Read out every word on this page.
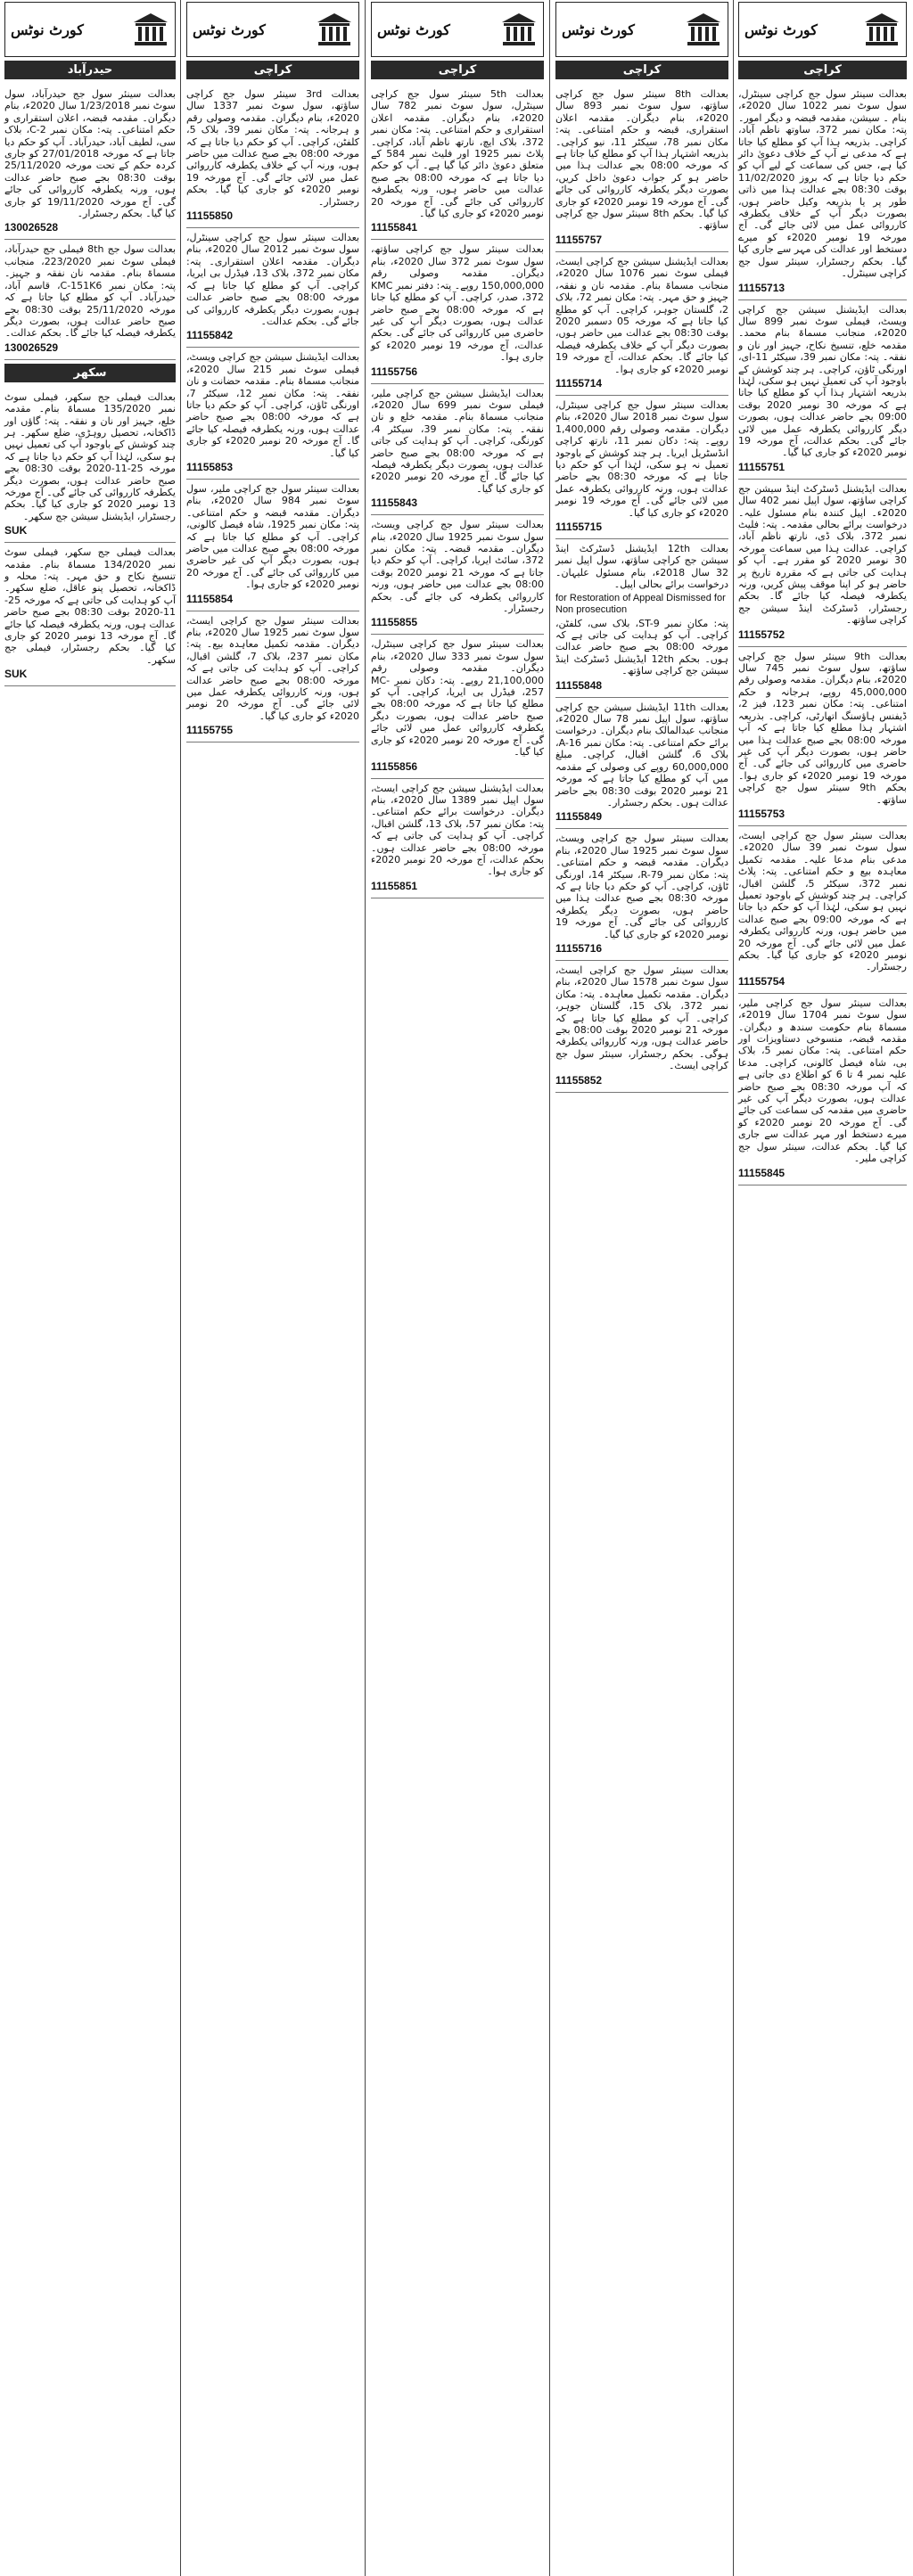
کورٹ نوٹس
کراچی

بعدالت سینئر سول جج کراچی سینٹرل، سول سوٹ نمبر 1022 سال 2020ء، بنام ۔ سیشن، مقدمہ قبضہ و دیگر امور۔ پتہ: مکان نمبر 372، ساوتھ ناظم آباد، کراچی۔ بذریعہ ہذا آپ کو مطلع کیا جاتا ہے کہ مدعی نے آپ کے خلاف دعویٰ دائر کیا ہے، جس کی سماعت کے لیے آپ کو حکم دیا جاتا ہے کہ بروز 11/02/2020 بوقت 08:30 بجے عدالت ہذا میں ذاتی طور پر یا بذریعہ وکیل حاضر ہوں، بصورت دیگر آپ کے خلاف یکطرفہ کارروائی عمل میں لائی جائے گی۔ آج مورخہ 19 نومبر 2020ء کو میرے دستخط اور عدالت کی مہر سے جاری کیا گیا۔ بحکم رجسٹرار، سینئر سول جج کراچی سینٹرل۔

11155713

بعدالت ایڈیشنل سیشن جج کراچی ویسٹ، فیملی سوٹ نمبر 899 سال 2020ء، منجانب مسماۃ بنام محمد۔ مقدمہ خلع، تنسیخ نکاح، جہیز اور نان و نفقہ۔ پتہ: مکان نمبر 39، سیکٹر 11-ای، اورنگی ٹاؤن، کراچی۔ ہر چند کوشش کے باوجود آپ کی تعمیل نہیں ہو سکی، لہٰذا بذریعہ اشتہار ہذا آپ کو مطلع کیا جاتا ہے کہ مورخہ 30 نومبر 2020 بوقت 09:00 بجے حاضر عدالت ہوں، بصورت دیگر کارروائی یکطرفہ عمل میں لائی جائے گی۔ بحکم عدالت، آج مورخہ 19 نومبر 2020ء کو جاری کیا گیا۔

11155751

بعدالت ایڈیشنل ڈسٹرکٹ اینڈ سیشن جج کراچی ساؤتھ، سول اپیل نمبر 402 سال 2020ء۔ اپیل کنندہ بنام مسئول علیہ۔ درخواست برائے بحالی مقدمہ۔ پتہ: فلیٹ نمبر 372، بلاک ڈی، نارتھ ناظم آباد، کراچی۔ عدالت ہذا میں سماعت مورخہ 30 نومبر 2020 کو مقرر ہے۔ آپ کو ہدایت کی جاتی ہے کہ مقررہ تاریخ پر حاضر ہو کر اپنا موقف پیش کریں، ورنہ یکطرفہ فیصلہ کیا جائے گا۔ بحکم رجسٹرار، ڈسٹرکٹ اینڈ سیشن جج کراچی ساؤتھ۔

11155752

بعدالت 9th سینئر سول جج کراچی ساؤتھ، سول سوٹ نمبر 745 سال 2020ء، بنام دیگران۔ مقدمہ وصولی رقم 45,000,000 روپے، ہرجانہ و حکم امتناعی۔ پتہ: مکان نمبر 123، فیز 2، ڈیفنس ہاؤسنگ اتھارٹی، کراچی۔ بذریعہ اشتہار ہذا مطلع کیا جاتا ہے کہ آپ مورخہ 08:00 بجے صبح عدالت ہذا میں حاضر ہوں، بصورت دیگر آپ کی غیر حاضری میں کارروائی کی جائے گی۔ آج مورخہ 19 نومبر 2020ء کو جاری ہوا۔ بحکم 9th سینئر سول جج کراچی ساؤتھ۔

11155753

بعدالت سینئر سول جج کراچی ایسٹ، سول سوٹ نمبر 39 سال 2020ء۔ مدعی بنام مدعا علیہ۔ مقدمہ تکمیل معاہدہ بیع و حکم امتناعی۔ پتہ: پلاٹ نمبر 372، سیکٹر 5، گلشن اقبال، کراچی۔ ہر چند کوشش کے باوجود تعمیل نہیں ہو سکی، لہٰذا آپ کو حکم دیا جاتا ہے کہ مورخہ 09:00 بجے صبح عدالت میں حاضر ہوں، ورنہ کارروائی یکطرفہ عمل میں لائی جائے گی۔ آج مورخہ 20 نومبر 2020ء کو جاری کیا گیا۔ بحکم رجسٹرار۔

11155754

بعدالت سینئر سول جج کراچی ملیر، سول سوٹ نمبر 1704 سال 2019ء، مسماۃ بنام حکومت سندھ و دیگران۔ مقدمہ قبضہ، منسوخی دستاویزات اور حکم امتناعی۔ پتہ: مکان نمبر 5، بلاک بی، شاہ فیصل کالونی، کراچی۔ مدعا علیہ نمبر 4 تا 6 کو اطلاع دی جاتی ہے کہ آپ مورخہ 08:30 بجے صبح حاضر عدالت ہوں، بصورت دیگر آپ کی غیر حاضری میں مقدمہ کی سماعت کی جائے گی۔ آج مورخہ 20 نومبر 2020ء کو میرے دستخط اور مہر عدالت سے جاری کیا گیا۔ بحکم عدالت، سینئر سول جج کراچی ملیر۔

11155845
کورٹ نوٹس
کراچی

بعدالت 8th سینئر سول جج کراچی ساؤتھ، سول سوٹ نمبر 893 سال 2020ء، بنام دیگران۔ مقدمہ اعلان استقراری، قبضہ و حکم امتناعی۔ پتہ: مکان نمبر 78، سیکٹر 11، نیو کراچی۔ بذریعہ اشتہار ہذا آپ کو مطلع کیا جاتا ہے کہ مورخہ 08:00 بجے عدالت ہذا میں حاضر ہو کر جواب دعویٰ داخل کریں، بصورت دیگر یکطرفہ کارروائی کی جائے گی۔ آج مورخہ 19 نومبر 2020ء کو جاری کیا گیا۔ بحکم 8th سینئر سول جج کراچی ساؤتھ۔

11155757

بعدالت ایڈیشنل سیشن جج کراچی ایسٹ، فیملی سوٹ نمبر 1076 سال 2020ء، منجانب مسماۃ بنام۔ مقدمہ نان و نفقہ، جہیز و حق مہر۔ پتہ: مکان نمبر 72، بلاک 2، گلستان جوہر، کراچی۔ آپ کو مطلع کیا جاتا ہے کہ مورخہ 05 دسمبر 2020 بوقت 08:30 بجے عدالت میں حاضر ہوں، بصورت دیگر آپ کے خلاف یکطرفہ فیصلہ کیا جائے گا۔ بحکم عدالت، آج مورخہ 19 نومبر 2020ء کو جاری ہوا۔

11155714

بعدالت سینئر سول جج کراچی سینٹرل، سول سوٹ نمبر 2018 سال 2020ء، بنام دیگران۔ مقدمہ وصولی رقم 1,400,000 روپے۔ پتہ: دکان نمبر 11، نارتھ کراچی انڈسٹریل ایریا۔ ہر چند کوشش کے باوجود تعمیل نہ ہو سکی، لہٰذا آپ کو حکم دیا جاتا ہے کہ مورخہ 08:30 بجے حاضر عدالت ہوں، ورنہ کارروائی یکطرفہ عمل میں لائی جائے گی۔ آج مورخہ 19 نومبر 2020ء کو جاری کیا گیا۔

11155715

بعدالت 12th ایڈیشنل ڈسٹرکٹ اینڈ سیشن جج کراچی ساؤتھ، سول اپیل نمبر 32 سال 2018ء، بنام مسئول علیہان۔ درخواست برائے بحالی اپیل۔

for Restoration of Appeal Dismissed for Non prosecution

پتہ: مکان نمبر ST-9، بلاک سی، کلفٹن، کراچی۔ آپ کو ہدایت کی جاتی ہے کہ مورخہ 08:00 بجے صبح حاضر عدالت ہوں۔ بحکم 12th ایڈیشنل ڈسٹرکٹ اینڈ سیشن جج کراچی ساؤتھ۔

11155848

بعدالت 11th ایڈیشنل سیشن جج کراچی ساؤتھ، سول اپیل نمبر 78 سال 2020ء، منجانب عبدالمالک بنام دیگران۔ درخواست برائے حکم امتناعی۔ پتہ: مکان نمبر A-16، بلاک 6، گلشن اقبال، کراچی۔ مبلغ 60,000,000 روپے کی وصولی کے مقدمہ میں آپ کو مطلع کیا جاتا ہے کہ مورخہ 21 نومبر 2020 بوقت 08:30 بجے حاضر عدالت ہوں۔ بحکم رجسٹرار۔

11155849

بعدالت سینئر سول جج کراچی ویسٹ، سول سوٹ نمبر 1925 سال 2020ء، بنام دیگران۔ مقدمہ قبضہ و حکم امتناعی۔ پتہ: مکان نمبر R-79، سیکٹر 14، اورنگی ٹاؤن، کراچی۔ آپ کو حکم دیا جاتا ہے کہ مورخہ 08:30 بجے صبح عدالت ہذا میں حاضر ہوں، بصورت دیگر یکطرفہ کارروائی کی جائے گی۔ آج مورخہ 19 نومبر 2020ء کو جاری کیا گیا۔

11155716

بعدالت سینئر سول جج کراچی ایسٹ، سول سوٹ نمبر 1578 سال 2020ء، بنام دیگران۔ مقدمہ تکمیل معاہدہ۔ پتہ: مکان نمبر 372، بلاک 15، گلستان جوہر، کراچی۔ آپ کو مطلع کیا جاتا ہے کہ مورخہ 21 نومبر 2020 بوقت 08:00 بجے حاضر عدالت ہوں، ورنہ کارروائی یکطرفہ ہوگی۔ بحکم رجسٹرار، سینئر سول جج کراچی ایسٹ۔

11155852
کورٹ نوٹس
کراچی

بعدالت 5th سینئر سول جج کراچی سینٹرل، سول سوٹ نمبر 782 سال 2020ء، بنام دیگران۔ مقدمہ اعلان استقراری و حکم امتناعی۔ پتہ: مکان نمبر 372، بلاک ایچ، نارتھ ناظم آباد، کراچی۔ پلاٹ نمبر 1925 اور فلیٹ نمبر 584 کے متعلق دعویٰ دائر کیا گیا ہے۔ آپ کو حکم دیا جاتا ہے کہ مورخہ 08:00 بجے صبح عدالت میں حاضر ہوں، ورنہ یکطرفہ کارروائی کی جائے گی۔ آج مورخہ 20 نومبر 2020ء کو جاری کیا گیا۔

11155841

بعدالت سینئر سول جج کراچی ساؤتھ، سول سوٹ نمبر 372 سال 2020ء، بنام دیگران۔ مقدمہ وصولی رقم 150,000,000 روپے۔ پتہ: دفتر نمبر KMC 372، صدر، کراچی۔ آپ کو مطلع کیا جاتا ہے کہ مورخہ 08:00 بجے صبح حاضر عدالت ہوں، بصورت دیگر آپ کی غیر حاضری میں کارروائی کی جائے گی۔ بحکم عدالت، آج مورخہ 19 نومبر 2020ء کو جاری ہوا۔

11155756

بعدالت ایڈیشنل سیشن جج کراچی ملیر، فیملی سوٹ نمبر 699 سال 2020ء، منجانب مسماۃ بنام۔ مقدمہ خلع و نان نفقہ۔ پتہ: مکان نمبر 39، سیکٹر 4، کورنگی، کراچی۔ آپ کو ہدایت کی جاتی ہے کہ مورخہ 08:00 بجے صبح حاضر عدالت ہوں، بصورت دیگر یکطرفہ فیصلہ کیا جائے گا۔ آج مورخہ 20 نومبر 2020ء کو جاری کیا گیا۔

11155843

بعدالت سینئر سول جج کراچی ویسٹ، سول سوٹ نمبر 1925 سال 2020ء، بنام دیگران۔ مقدمہ قبضہ۔ پتہ: مکان نمبر 372، سائٹ ایریا، کراچی۔ آپ کو حکم دیا جاتا ہے کہ مورخہ 21 نومبر 2020 بوقت 08:00 بجے عدالت میں حاضر ہوں، ورنہ کارروائی یکطرفہ کی جائے گی۔ بحکم رجسٹرار۔

11155855

بعدالت سینئر سول جج کراچی سینٹرل، سول سوٹ نمبر 333 سال 2020ء، بنام دیگران۔ مقدمہ وصولی رقم 21,100,000 روپے۔ پتہ: دکان نمبر MC-257، فیڈرل بی ایریا، کراچی۔ آپ کو مطلع کیا جاتا ہے کہ مورخہ 08:00 بجے صبح حاضر عدالت ہوں، بصورت دیگر یکطرفہ کارروائی عمل میں لائی جائے گی۔ آج مورخہ 20 نومبر 2020ء کو جاری کیا گیا۔

11155856

بعدالت ایڈیشنل سیشن جج کراچی ایسٹ، سول اپیل نمبر 1389 سال 2020ء، بنام دیگران۔ درخواست برائے حکم امتناعی۔ پتہ: مکان نمبر 57، بلاک 13، گلشن اقبال، کراچی۔ آپ کو ہدایت کی جاتی ہے کہ مورخہ 08:00 بجے حاضر عدالت ہوں۔ بحکم عدالت، آج مورخہ 20 نومبر 2020ء کو جاری ہوا۔

11155851
کورٹ نوٹس
کراچی

بعدالت 3rd سینئر سول جج کراچی ساؤتھ، سول سوٹ نمبر 1337 سال 2020ء، بنام دیگران۔ مقدمہ وصولی رقم و ہرجانہ۔ پتہ: مکان نمبر 39، بلاک 5، کلفٹن، کراچی۔ آپ کو حکم دیا جاتا ہے کہ مورخہ 08:00 بجے صبح عدالت میں حاضر ہوں، ورنہ آپ کے خلاف یکطرفہ کارروائی عمل میں لائی جائے گی۔ آج مورخہ 19 نومبر 2020ء کو جاری کیا گیا۔ بحکم رجسٹرار۔

11155850

بعدالت سینئر سول جج کراچی سینٹرل، سول سوٹ نمبر 2012 سال 2020ء، بنام دیگران۔ مقدمہ اعلان استقراری۔ پتہ: مکان نمبر 372، بلاک 13، فیڈرل بی ایریا، کراچی۔ آپ کو مطلع کیا جاتا ہے کہ مورخہ 08:00 بجے صبح حاضر عدالت ہوں، بصورت دیگر یکطرفہ کارروائی کی جائے گی۔ بحکم عدالت۔

11155842

بعدالت ایڈیشنل سیشن جج کراچی ویسٹ، فیملی سوٹ نمبر 215 سال 2020ء، منجانب مسماۃ بنام۔ مقدمہ حضانت و نان نفقہ۔ پتہ: مکان نمبر 12، سیکٹر 7، اورنگی ٹاؤن، کراچی۔ آپ کو حکم دیا جاتا ہے کہ مورخہ 08:00 بجے صبح حاضر عدالت ہوں، ورنہ یکطرفہ فیصلہ کیا جائے گا۔ آج مورخہ 20 نومبر 2020ء کو جاری کیا گیا۔

11155853

بعدالت سینئر سول جج کراچی ملیر، سول سوٹ نمبر 984 سال 2020ء، بنام دیگران۔ مقدمہ قبضہ و حکم امتناعی۔ پتہ: مکان نمبر 1925، شاہ فیصل کالونی، کراچی۔ آپ کو مطلع کیا جاتا ہے کہ مورخہ 08:00 بجے صبح عدالت میں حاضر ہوں، بصورت دیگر آپ کی غیر حاضری میں کارروائی کی جائے گی۔ آج مورخہ 20 نومبر 2020ء کو جاری ہوا۔

11155854

بعدالت سینئر سول جج کراچی ایسٹ، سول سوٹ نمبر 1925 سال 2020ء، بنام دیگران۔ مقدمہ تکمیل معاہدہ بیع۔ پتہ: مکان نمبر 237، بلاک 7، گلشن اقبال، کراچی۔ آپ کو ہدایت کی جاتی ہے کہ مورخہ 08:00 بجے صبح حاضر عدالت ہوں، ورنہ کارروائی یکطرفہ عمل میں لائی جائے گی۔ آج مورخہ 20 نومبر 2020ء کو جاری کیا گیا۔

11155755
کورٹ نوٹس
حیدرآباد

بعدالت سینئر سول جج حیدرآباد، سول سوٹ نمبر 1/23/2018 سال 2020ء، بنام دیگران۔ مقدمہ قبضہ، اعلان استقراری و حکم امتناعی۔ پتہ: مکان نمبر C-2، بلاک سی، لطیف آباد، حیدرآباد۔ آپ کو حکم دیا جاتا ہے کہ مورخہ 27/01/2018 کو جاری کردہ حکم کے تحت مورخہ 25/11/2020 بوقت 08:30 بجے صبح حاضر عدالت ہوں، ورنہ یکطرفہ کارروائی کی جائے گی۔ آج مورخہ 19/11/2020 کو جاری کیا گیا۔ بحکم رجسٹرار۔

130026528

بعدالت سول جج 8th فیملی جج حیدرآباد، فیملی سوٹ نمبر 223/2020، منجانب مسماۃ بنام۔ مقدمہ نان نفقہ و جہیز۔ پتہ: مکان نمبر C-151K6، قاسم آباد، حیدرآباد۔ آپ کو مطلع کیا جاتا ہے کہ مورخہ 25/11/2020 بوقت 08:30 بجے صبح حاضر عدالت ہوں، بصورت دیگر یکطرفہ فیصلہ کیا جائے گا۔ بحکم عدالت۔

130026529
سکھر

بعدالت فیملی جج سکھر، فیملی سوٹ نمبر 135/2020 مسماۃ بنام۔ مقدمہ خلع، جہیز اور نان و نفقہ۔ پتہ: گاؤں اور ڈاکخانہ، تحصیل روہڑی، ضلع سکھر۔ ہر چند کوشش کے باوجود آپ کی تعمیل نہیں ہو سکی، لہٰذا آپ کو حکم دیا جاتا ہے کہ مورخہ 25-11-2020 بوقت 08:30 بجے صبح حاضر عدالت ہوں، بصورت دیگر یکطرفہ کارروائی کی جائے گی۔ آج مورخہ 13 نومبر 2020 کو جاری کیا گیا۔ بحکم رجسٹرار، ایڈیشنل سیشن جج سکھر۔

SUK

بعدالت فیملی جج سکھر، فیملی سوٹ نمبر 134/2020 مسماۃ بنام۔ مقدمہ تنسیخ نکاح و حق مہر۔ پتہ: محلہ و ڈاکخانہ، تحصیل پنو عاقل، ضلع سکھر۔ آپ کو ہدایت کی جاتی ہے کہ مورخہ 25-11-2020 بوقت 08:30 بجے صبح حاضر عدالت ہوں، ورنہ یکطرفہ فیصلہ کیا جائے گا۔ آج مورخہ 13 نومبر 2020 کو جاری کیا گیا۔ بحکم رجسٹرار، فیملی جج سکھر۔

SUK
